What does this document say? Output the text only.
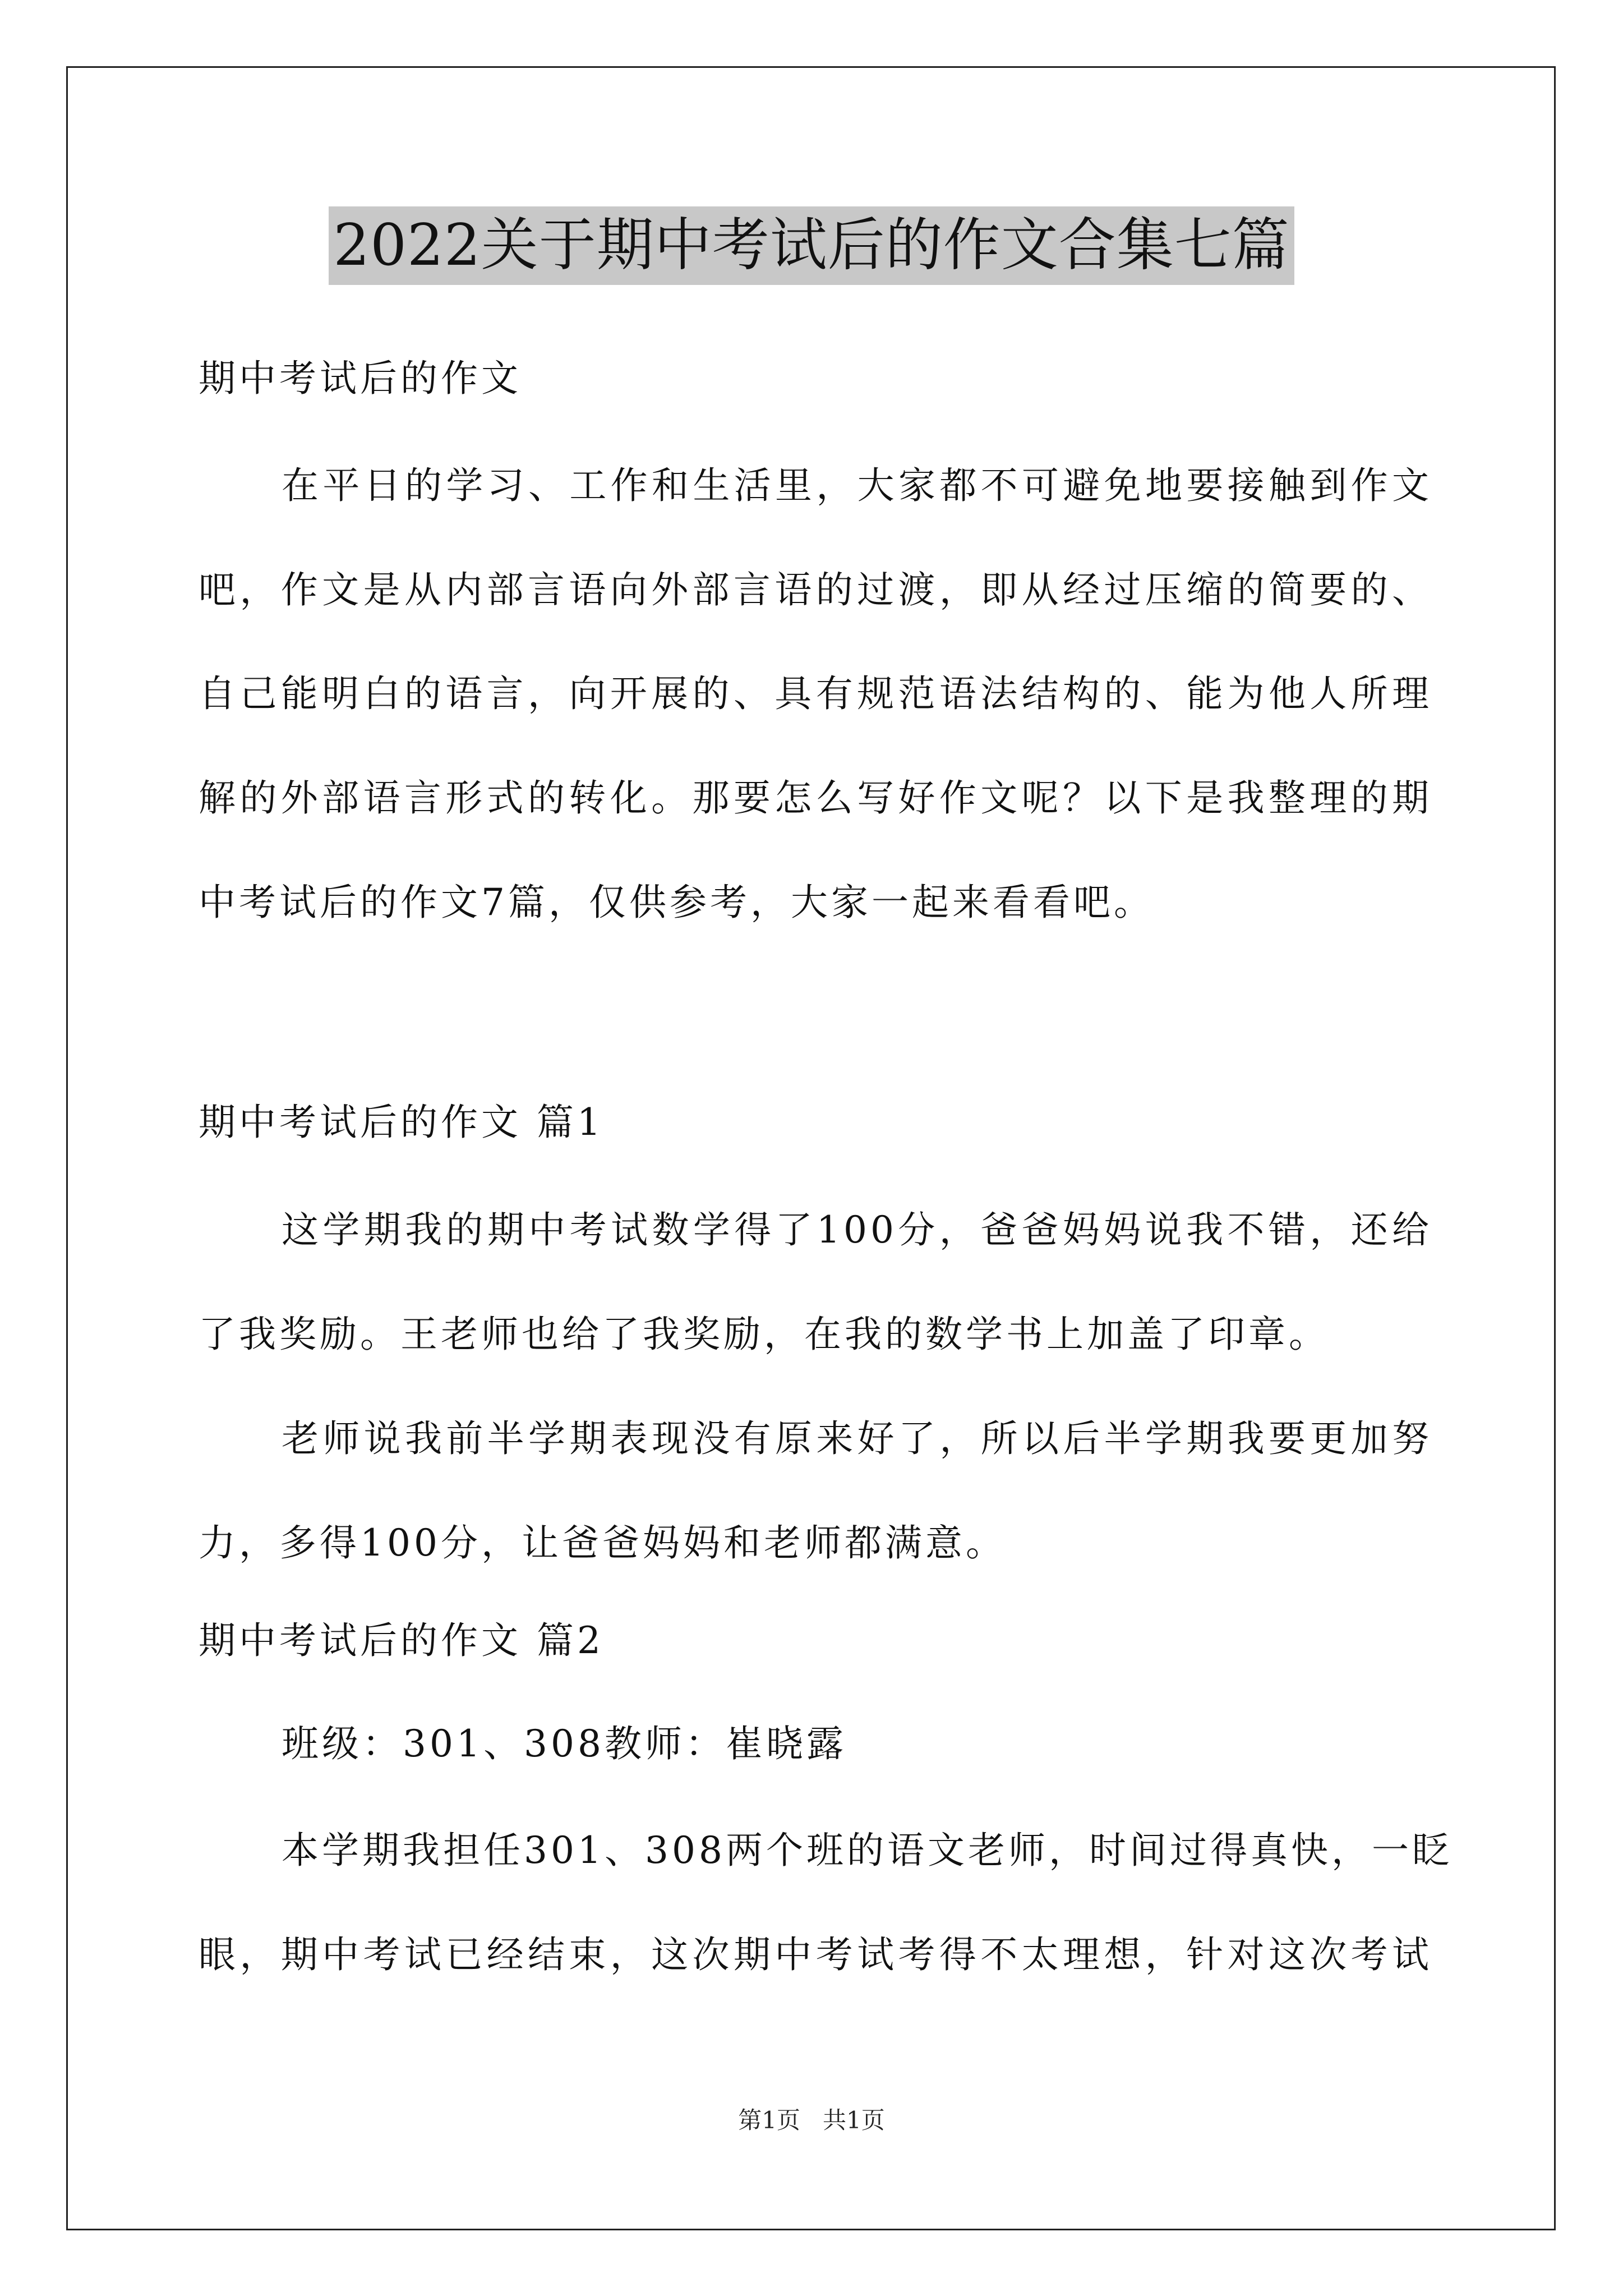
2022关于期中考试后的作文合集七篇
期中考试后的作文
在平日的学习、工作和生活里，大家都不可避免地要接触到作文
吧，作文是从内部言语向外部言语的过渡，即从经过压缩的简要的、
自己能明白的语言，向开展的、具有规范语法结构的、能为他人所理
解的外部语言形式的转化。那要怎么写好作文呢？以下是我整理的期
中考试后的作文7篇，仅供参考，大家一起来看看吧。
期中考试后的作文 篇1
这学期我的期中考试数学得了100分，爸爸妈妈说我不错，还给
了我奖励。王老师也给了我奖励，在我的数学书上加盖了印章。
老师说我前半学期表现没有原来好了，所以后半学期我要更加努
力，多得100分，让爸爸妈妈和老师都满意。
期中考试后的作文 篇2
班级：301、308教师：崔晓露
本学期我担任301、308两个班的语文老师，时间过得真快，一眨
眼，期中考试已经结束，这次期中考试考得不太理想，针对这次考试
第1页 共1页
